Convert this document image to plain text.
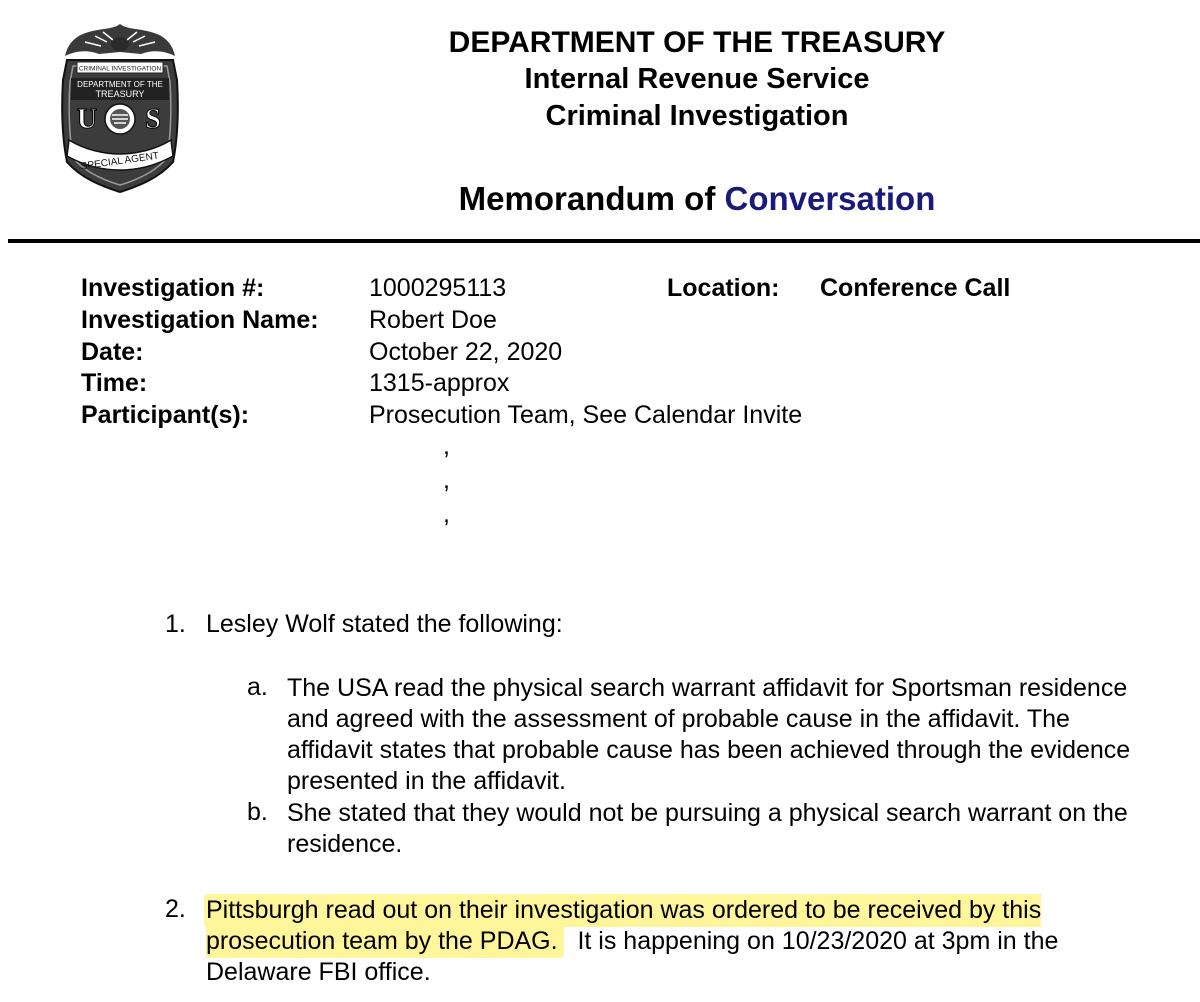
CRIMINAL INVESTIGATION
DEPARTMENT OF THE
TREASURY
U S
SPECIAL AGENT
DEPARTMENT OF THE TREASURY
Internal Revenue Service
Criminal Investigation
Memorandum of Conversation
Investigation #:	1000295113	Location: Conference Call
Investigation Name: Robert Doe
Date:	October 22, 2020
Time:	1315-approx
Participant(s):	Prosecution Team, See Calendar Invite
,
,
,
1. Lesley Wolf stated the following:
a. The USA read the physical search warrant affidavit for Sportsman residence and agreed with the assessment of probable cause in the affidavit. The affidavit states that probable cause has been achieved through the evidence presented in the affidavit.
b. She stated that they would not be pursuing a physical search warrant on the residence.
2. Pittsburgh read out on their investigation was ordered to be received by this prosecution team by the PDAG. It is happening on 10/23/2020 at 3pm in the Delaware FBI office.
